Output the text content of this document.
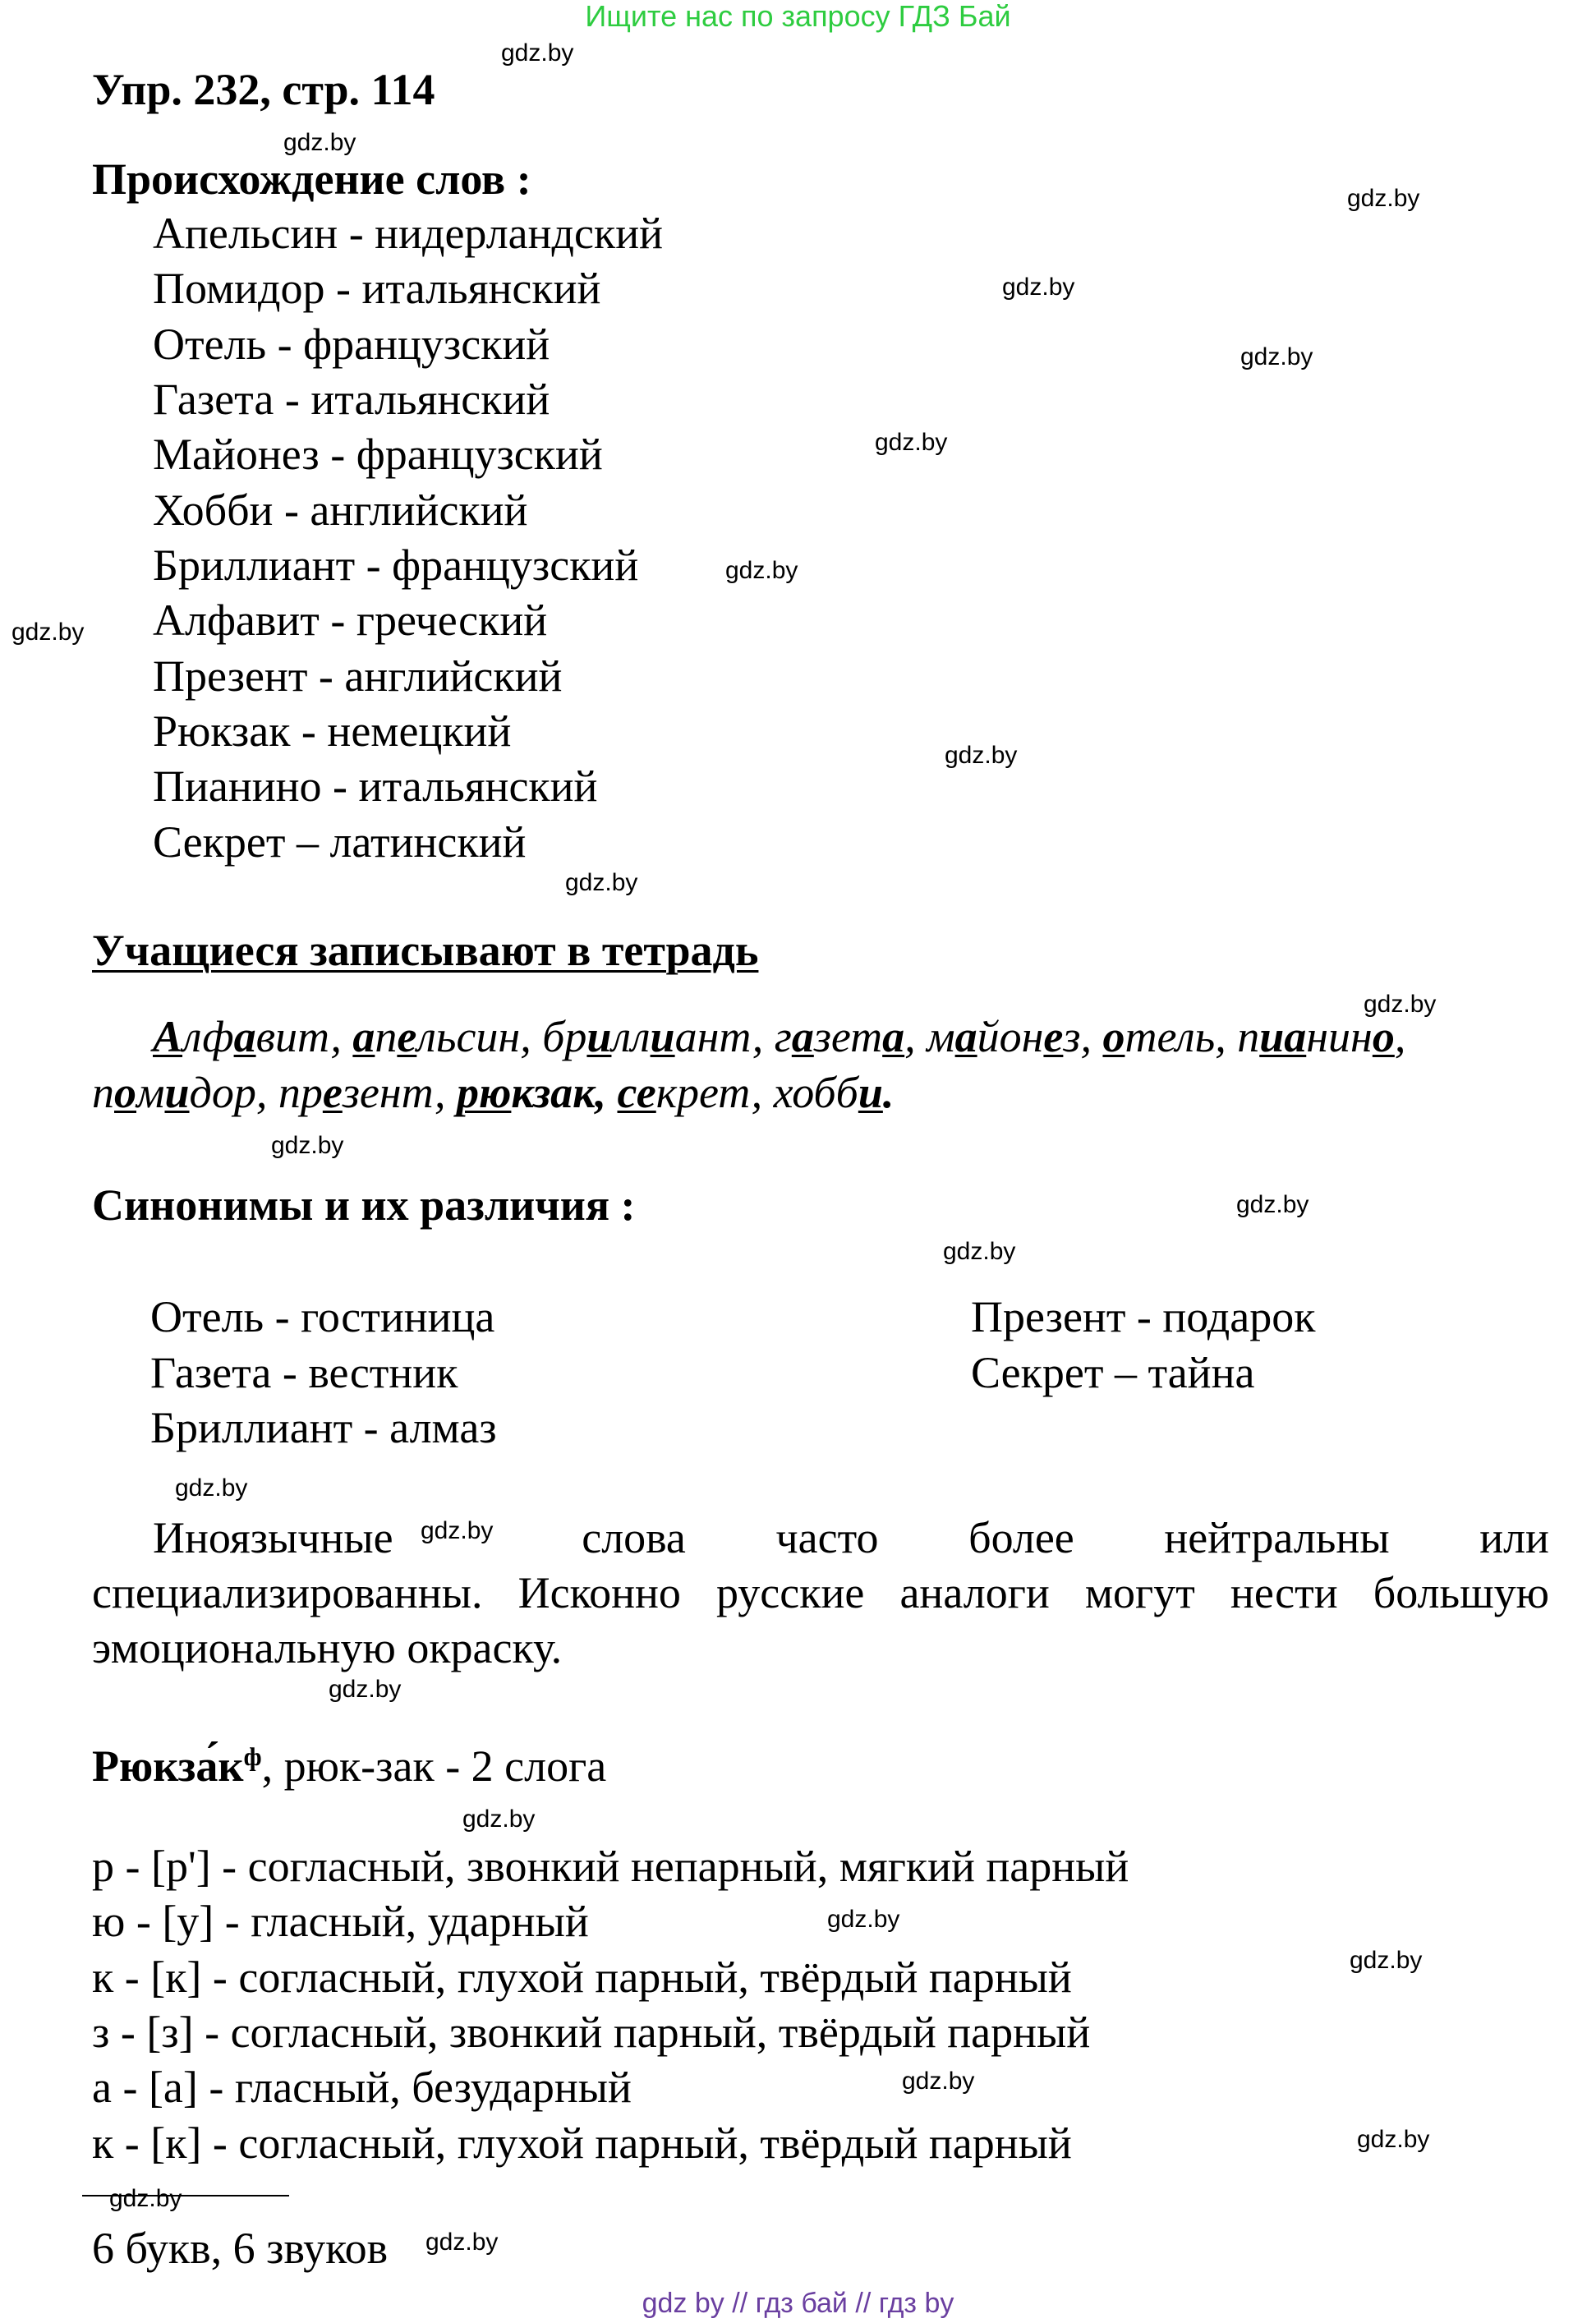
Ищите нас по запросу ГДЗ Бай
Упр. 232, стр. 114
Происхождение слов :
Апельсин - нидерландский
Помидор - итальянский
Отель - французский
Газета - итальянский
Майонез - французский
Хобби - английский
Бриллиант - французский
Алфавит - греческий
Презент - английский
Рюкзак - немецкий
Пианино - итальянский
Секрет – латинский
Учащиеся записывают в тетрадь
Алфавит, апельсин, бриллиант, газета, майонез, отель, пианино,
помидор, презент, рюкзак, секрет, хобби.
Синонимы и их различия :
Отель - гостиница
Газета - вестник
Бриллиант - алмаз
Презент - подарок
Секрет – тайна
Иноязычные	слова часто более нейтральны или
специализированны. Исконно русские аналоги могут нести большую
эмоциональную окраску.
$Рюкза́к^ф$, рюк-зак - 2 слога
р - [р'] - согласный, звонкий непарный, мягкий парный
ю - [у] - гласный, ударный
к - [к] - согласный, глухой парный, твёрдый парный
з - [з] - согласный, звонкий парный, твёрдый парный
а - [а] - гласный, безударный
к - [к] - согласный, глухой парный, твёрдый парный
6 букв, 6 звуков
gdz.by
gdz.by
gdz.by
gdz.by
gdz.by
gdz.by
gdz.by
gdz.by
gdz.by
gdz.by
gdz.by
gdz.by
gdz.by
gdz.by
gdz.by
gdz.by
gdz.by
gdz.by
gdz.by
gdz.by
gdz.by
gdz.by
gdz.by
gdz.by
gdz by // гдз бай // гдз by
